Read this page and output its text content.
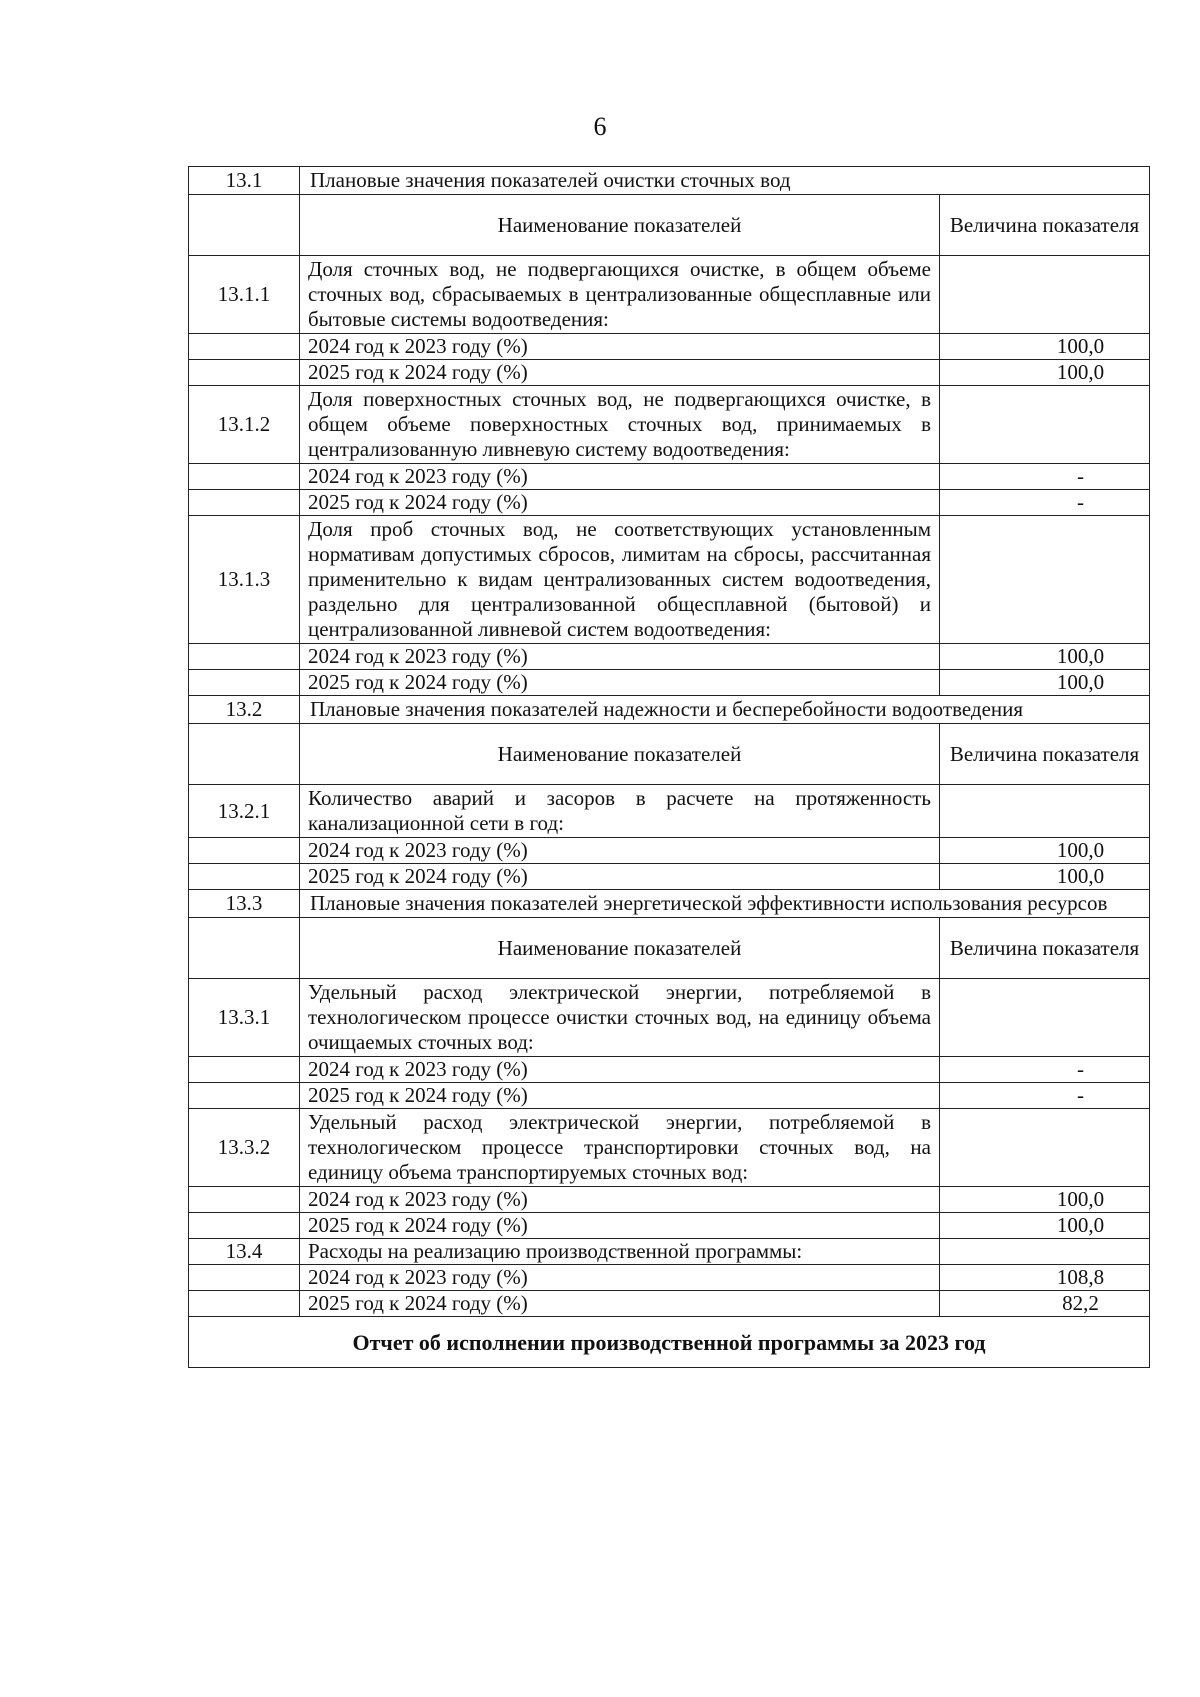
6
13.1	Плановые значения показателей очистки сточных вод	
	Наименование показателей	Величина показателя
13.1.1	Доля сточных вод, не подвергающихся очистке, в общем объеме сточных вод, сбрасываемых в централизованные общесплавные или бытовые системы водоотведения:	
	2024 год к 2023 году (%)	100,0
	2025 год к 2024 году (%)	100,0
13.1.2	Доля поверхностных сточных вод, не подвергающихся очистке, в общем объеме поверхностных сточных вод, принимаемых в централизованную ливневую систему водоотведения:	
	2024 год к 2023 году (%)	-
	2025 год к 2024 году (%)	-
13.1.3	Доля проб сточных вод, не соответствующих установленным нормативам допустимых сбросов, лимитам на сбросы, рассчитанная применительно к видам централизованных систем водоотведения, раздельно для централизованной общесплавной (бытовой) и централизованной ливневой систем водоотведения:	
	2024 год к 2023 году (%)	100,0
	2025 год к 2024 году (%)	100,0
13.2	Плановые значения показателей надежности и бесперебойности водоотведения	
	Наименование показателей	Величина показателя
13.2.1	Количество аварий и засоров в расчете на протяженность канализационной сети в год:	
	2024 год к 2023 году (%)	100,0
	2025 год к 2024 году (%)	100,0
13.3	Плановые значения показателей энергетической эффективности использования ресурсов	
	Наименование показателей	Величина показателя
13.3.1	Удельный расход электрической энергии, потребляемой в технологическом процессе очистки сточных вод, на единицу объема очищаемых сточных вод:	
	2024 год к 2023 году (%)	-
	2025 год к 2024 году (%)	-
13.3.2	Удельный расход электрической энергии, потребляемой в технологическом процессе транспортировки сточных вод, на единицу объема транспортируемых сточных вод:	
	2024 год к 2023 году (%)	100,0
	2025 год к 2024 году (%)	100,0
13.4	Расходы на реализацию производственной программы:	
	2024 год к 2023 году (%)	108,8
	2025 год к 2024 году (%)	82,2
Отчет об исполнении производственной программы за 2023 год		
